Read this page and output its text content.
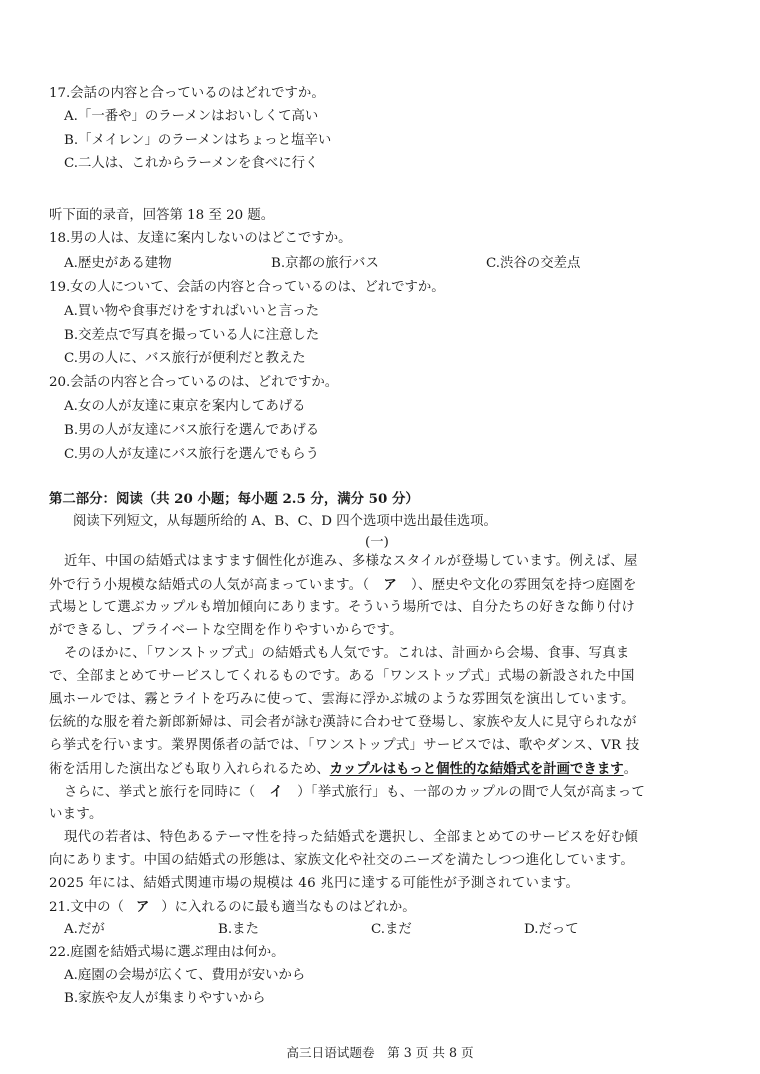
17.会話の内容と合っているのはどれですか。
A.「一番や」のラーメンはおいしくて高い
B.「メイレン」のラーメンはちょっと塩辛い
C.二人は、これからラーメンを食べに行く
听下面的录音，回答第 18 至 20 题。
18.男の人は、友達に案内しないのはどこですか。
A.歴史がある建物	B.京都の旅行バス	C.渋谷の交差点
19.女の人について、会話の内容と合っているのは、どれですか。
A.買い物や食事だけをすればいいと言った
B.交差点で写真を撮っている人に注意した
C.男の人に、バス旅行が便利だと教えた
20.会話の内容と合っているのは、どれですか。
A.女の人が友達に東京を案内してあげる
B.男の人が友達にバス旅行を選んであげる
C.男の人が友達にバス旅行を選んでもらう
第二部分：阅读（共 20 小题；每小题 2.5 分，满分 50 分）
阅读下列短文，从每题所给的 A、B、C、D 四个选项中选出最佳选项。
(一)
近年、中国の結婚式はますます個性化が進み、多様なスタイルが登場しています。例えば、屋
外で行う小規模な結婚式の人気が高まっています。（ ア ）、歴史や文化の雰囲気を持つ庭園を
式場として選ぶカップルも増加傾向にあります。そういう場所では、自分たちの好きな飾り付け
ができるし、プライベートな空間を作りやすいからです。
そのほかに、「ワンストップ式」の結婚式も人気です。これは、計画から会場、食事、写真ま
で、全部まとめてサービスしてくれるものです。ある「ワンストップ式」式場の新設された中国
風ホールでは、霧とライトを巧みに使って、雲海に浮かぶ城のような雰囲気を演出しています。
伝統的な服を着た新郎新婦は、司会者が詠む漢詩に合わせて登場し、家族や友人に見守られなが
ら挙式を行います。業界関係者の話では、「ワンストップ式」サービスでは、歌やダンス、VR 技
術を活用した演出なども取り入れられるため、カップルはもっと個性的な結婚式を計画できます。
さらに、挙式と旅行を同時に（ イ ）「挙式旅行」も、一部のカップルの間で人気が高まって
います。
現代の若者は、特色あるテーマ性を持った結婚式を選択し、全部まとめてのサービスを好む傾
向にあります。中国の結婚式の形態は、家族文化や社交のニーズを満たしつつ進化しています。
2025 年には、結婚式関連市場の規模は 46 兆円に達する可能性が予測されています。
21.文中の（ ア ）に入れるのに最も適当なものはどれか。
A.だが	B.また	C.まだ	D.だって
22.庭園を結婚式場に選ぶ理由は何か。
A.庭園の会場が広くて、費用が安いから
B.家族や友人が集まりやすいから
高三日语试题卷　第 3 页 共 8 页
